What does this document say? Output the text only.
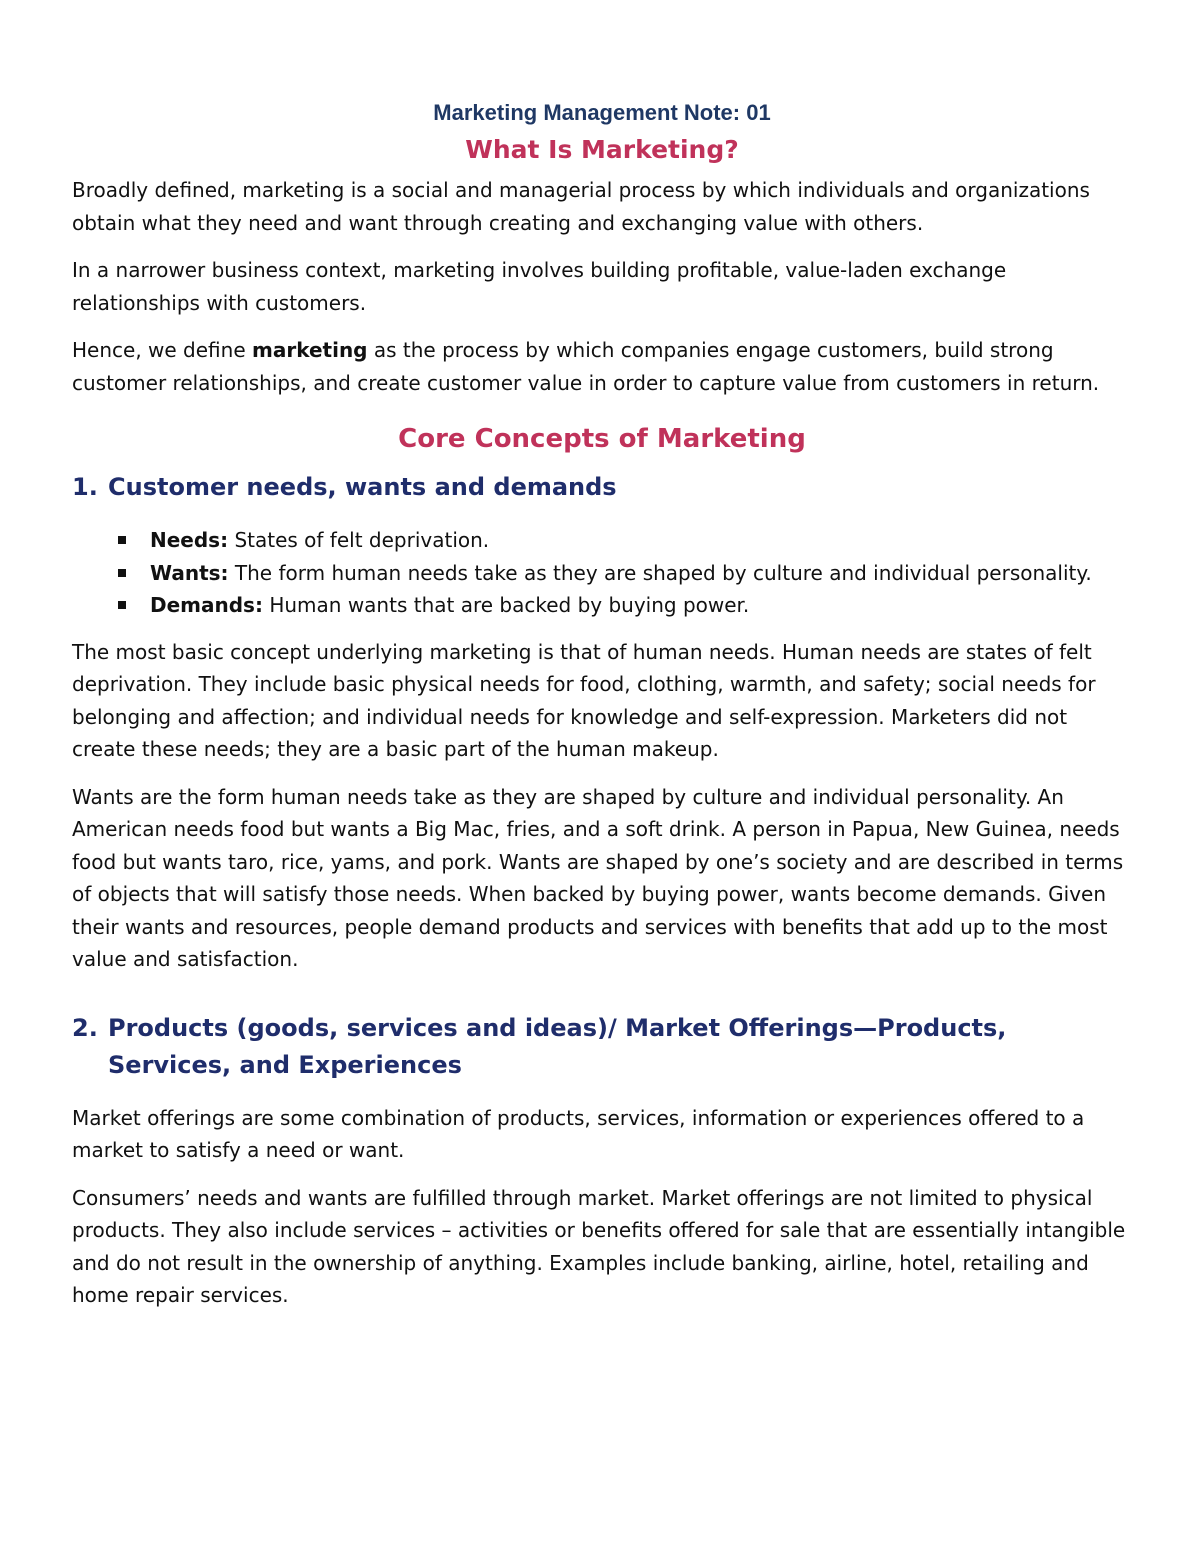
Marketing Management Note: 01
What Is Marketing?

Broadly defined, marketing is a social and managerial process by which individuals and organizations obtain what they need and want through creating and exchanging value with others.

In a narrower business context, marketing involves building profitable, value-laden exchange relationships with customers.

Hence, we define marketing as the process by which companies engage customers, build strong customer relationships, and create customer value in order to capture value from customers in return.

Core Concepts of Marketing
1. Customer needs, wants and demands
Needs: States of felt deprivation.
Wants: The form human needs take as they are shaped by culture and individual personality.
Demands: Human wants that are backed by buying power.

The most basic concept underlying marketing is that of human needs. Human needs are states of felt deprivation. They include basic physical needs for food, clothing, warmth, and safety; social needs for belonging and affection; and individual needs for knowledge and self-expression. Marketers did not create these needs; they are a basic part of the human makeup.

Wants are the form human needs take as they are shaped by culture and individual personality. An American needs food but wants a Big Mac, fries, and a soft drink. A person in Papua, New Guinea, needs food but wants taro, rice, yams, and pork. Wants are shaped by one’s society and are described in terms of objects that will satisfy those needs. When backed by buying power, wants become demands. Given their wants and resources, people demand products and services with benefits that add up to the most value and satisfaction.

2. Products (goods, services and ideas)/ Market Offerings—Products, Services, and Experiences

Market offerings are some combination of products, services, information or experiences offered to a market to satisfy a need or want.

Consumers’ needs and wants are fulfilled through market. Market offerings are not limited to physical products. They also include services – activities or benefits offered for sale that are essentially intangible and do not result in the ownership of anything. Examples include banking, airline, hotel, retailing and home repair services.
